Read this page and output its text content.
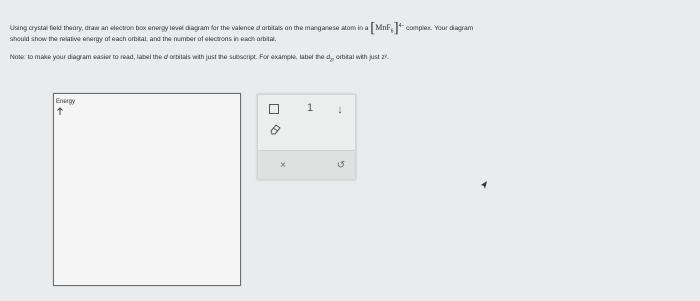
Using crystal field theory, draw an electron box energy level diagram for the valence d orbitals on the manganese atom in a $[MnF_6]^{4-}$ complex. Your diagram
should show the relative energy of each orbital, and the number of electrons in each orbital.
Note: to make your diagram easier to read, label the d orbitals with just the subscript. For example, label the $d_{z^2}$ orbital with just z².
Energy	1 ↓
×	↺
